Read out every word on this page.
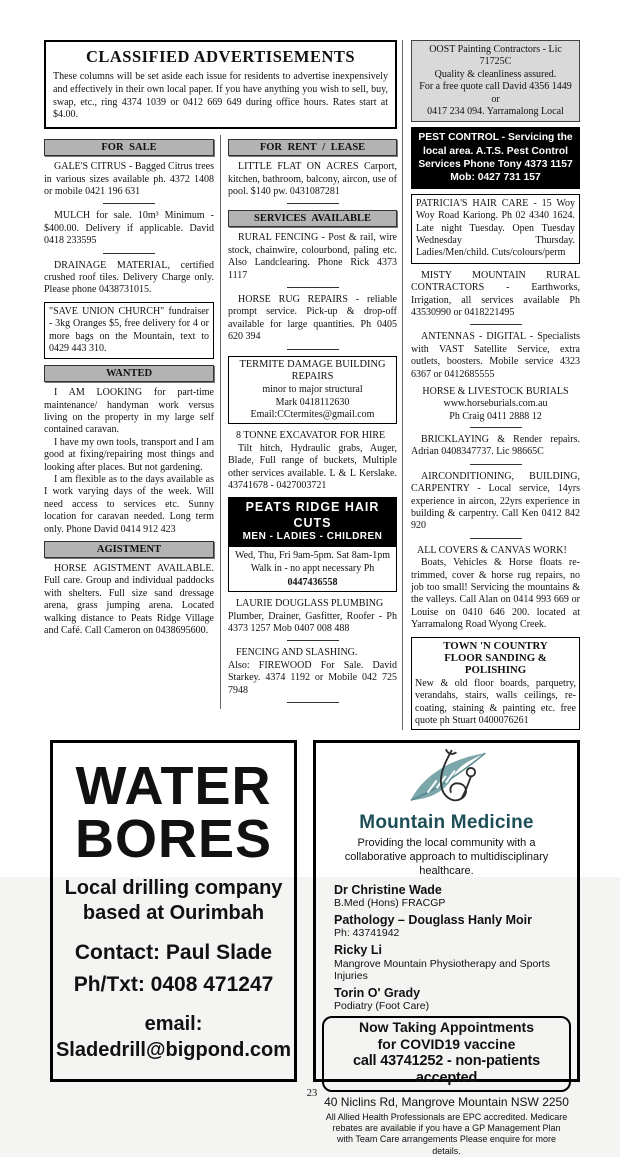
CLASSIFIED ADVERTISEMENTS

These columns will be set aside each issue for residents to advertise inexpensively and effectively in their own local paper. If you have anything you wish to sell, buy, swap, etc., ring 4374 1039 or 0412 669 649 during office hours. Rates start at $4.00.

FOR SALE

GALE'S CITRUS - Bagged Citrus trees in various sizes available ph. 4372 1408 or mobile 0421 196 631

MULCH for sale. 10m³ Minimum - $400.00. Delivery if applicable. David 0418 233595

DRAINAGE MATERIAL, certified crushed roof tiles. Delivery Charge only. Please phone 0438731015.

"SAVE UNION CHURCH" fundraiser - 3kg Oranges $5, free delivery for 4 or more bags on the Mountain, text to 0429 443 310.
WANTED

I AM LOOKING for part-time maintenance/ handyman work versus living on the property in my large self contained caravan.

I have my own tools, transport and I am good at fixing/repairing most things and looking after places. But not gardening.

I am flexible as to the days available as I work varying days of the week. Will need access to services etc. Sunny location for caravan needed. Long term only. Phone David 0414 912 423

AGISTMENT

HORSE AGISTMENT AVAILABLE. Full care. Group and individual paddocks with shelters. Full size sand dressage arena, grass jumping arena. Located walking distance to Peats Ridge Village and Café. Call Cameron on 0438695600.

FOR RENT / LEASE

LITTLE FLAT ON ACRES Carport, kitchen, bathroom, balcony, aircon, use of pool. $140 pw. 0431087281

SERVICES AVAILABLE

RURAL FENCING - Post & rail, wire stock, chainwire, colourbond, paling etc. Also Landclearing. Phone Rick 4373 1117

HORSE RUG REPAIRS - reliable prompt service. Pick-up & drop-off available for large quantities. Ph 0405 620 394

TERMITE DAMAGE BUILDING REPAIRS
minor to major structural
Mark 0418112630
Email:CCtermites@gmail.com

8 TONNE EXCAVATOR FOR HIRE

Tilt hitch, Hydraulic grabs, Auger, Blade, Full range of buckets, Multiple other services available. L & L Kerslake. 43741678 - 0427003721

PEATS RIDGE HAIR CUTS
MEN - LADIES - CHILDREN
Wed, Thu, Fri 9am-5pm. Sat 8am-1pm
Walk in - no appt necessary Ph 0447436558

LAURIE DOUGLASS PLUMBING

Plumber, Drainer, Gasfitter, Roofer - Ph 4373 1257 Mob 0407 008 488

FENCING AND SLASHING.

Also: FIREWOOD For Sale. David Starkey. 4374 1192 or Mobile 042 725 7948

OOST Painting Contractors - Lic 71725C
Quality & cleanliness assured.
For a free quote call David 4356 1449 or
0417 234 094. Yarramalong Local
PEST CONTROL - Servicing the local area. A.T.S. Pest Control Services Phone Tony 4373 1157 Mob: 0427 731 157
PATRICIA'S HAIR CARE - 15 Woy Woy Road Kariong. Ph 02 4340 1624. Late night Tuesday. Open Tuesday Wednesday Thursday. Ladies/Men/child. Cuts/colours/perm

MISTY MOUNTAIN RURAL CONTRACTORS - Earthworks, Irrigation, all services available Ph 43530990 or 0418221495

ANTENNAS - DIGITAL - Specialists with VAST Satellite Service, extra outlets, boosters. Mobile service 4323 6367 or 0412685555

HORSE & LIVESTOCK BURIALS
www.horseburials.com.au
Ph Craig 0411 2888 12

BRICKLAYING & Render repairs. Adrian 0408347737. Lic 98665C

AIRCONDITIONING, BUILDING, CARPENTRY - Local service, 14yrs experience in aircon, 22yrs experience in building & carpentry. Call Ken 0412 842 920

ALL COVERS & CANVAS WORK!

Boats, Vehicles & Horse floats re-trimmed, cover & horse rug repairs, no job too small! Servicing the mountains & the valleys. Call Alan on 0414 993 669 or Louise on 0410 646 200. located at Yarramalong Road Wyong Creek.

TOWN 'N COUNTRY
FLOOR SANDING & POLISHING
New & old floor boards, parquetry, verandahs, stairs, walls ceilings, re-coating, staining & painting etc. free quote ph Stuart 0400076261
WATER
BORES
Local drilling company
based at Ourimbah
Contact: Paul Slade
Ph/Txt: 0408 471247
email:
Sladedrill@bigpond.com
Mountain Medicine
Providing the local community with a collaborative approach to multidisciplinary healthcare.
Dr Christine Wade
B.Med (Hons) FRACGP
Pathology – Douglass Hanly Moir
Ph: 43741942
Ricky Li
Mangrove Mountain Physiotherapy and Sports Injuries
Torin O' Grady
Podiatry (Foot Care)
Now Taking Appointments
for COVID19 vaccine
call 43741252 - non-patients accepted
40 Niclins Rd, Mangrove Mountain NSW 2250
All Allied Health Professionals are EPC accredited. Medicare rebates are available if you have a GP Management Plan with Team Care arrangements Please enquire for more details.
23
